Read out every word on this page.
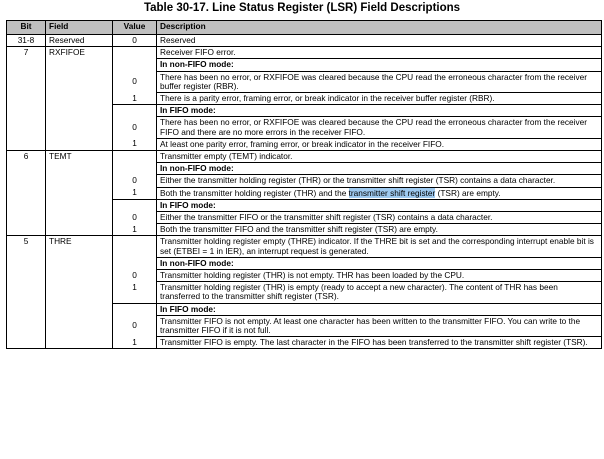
Table 30-17. Line Status Register (LSR) Field Descriptions
Bit	Field	Value	Description
31-8	Reserved	0	Reserved
7	RXFIFOE		Receiver FIFO error.
			In non-FIFO mode:
		0	There has been no error, or RXFIFOE was cleared because the CPU read the erroneous character from the receiver buffer register (RBR).
		1	There is a parity error, framing error, or break indicator in the receiver buffer register (RBR).
			In FIFO mode:
		0	There has been no error, or RXFIFOE was cleared because the CPU read the erroneous character from the receiver FIFO and there are no more errors in the receiver FIFO.
		1	At least one parity error, framing error, or break indicator in the receiver FIFO.
6	TEMT		Transmitter empty (TEMT) indicator.
			In non-FIFO mode:
		0	Either the transmitter holding register (THR) or the transmitter shift register (TSR) contains a data character.
		1	Both the transmitter holding register (THR) and the transmitter shift register (TSR) are empty.
			In FIFO mode:
		0	Either the transmitter FIFO or the transmitter shift register (TSR) contains a data character.
		1	Both the transmitter FIFO and the transmitter shift register (TSR) are empty.
5	THRE		Transmitter holding register empty (THRE) indicator. If the THRE bit is set and the corresponding interrupt enable bit is set (ETBEI = 1 in IER), an interrupt request is generated.
			In non-FIFO mode:
		0	Transmitter holding register (THR) is not empty. THR has been loaded by the CPU.
		1	Transmitter holding register (THR) is empty (ready to accept a new character). The content of THR has been transferred to the transmitter shift register (TSR).
			In FIFO mode:
		0	Transmitter FIFO is not empty. At least one character has been written to the transmitter FIFO. You can write to the transmitter FIFO if it is not full.
		1	Transmitter FIFO is empty. The last character in the FIFO has been transferred to the transmitter shift register (TSR).
